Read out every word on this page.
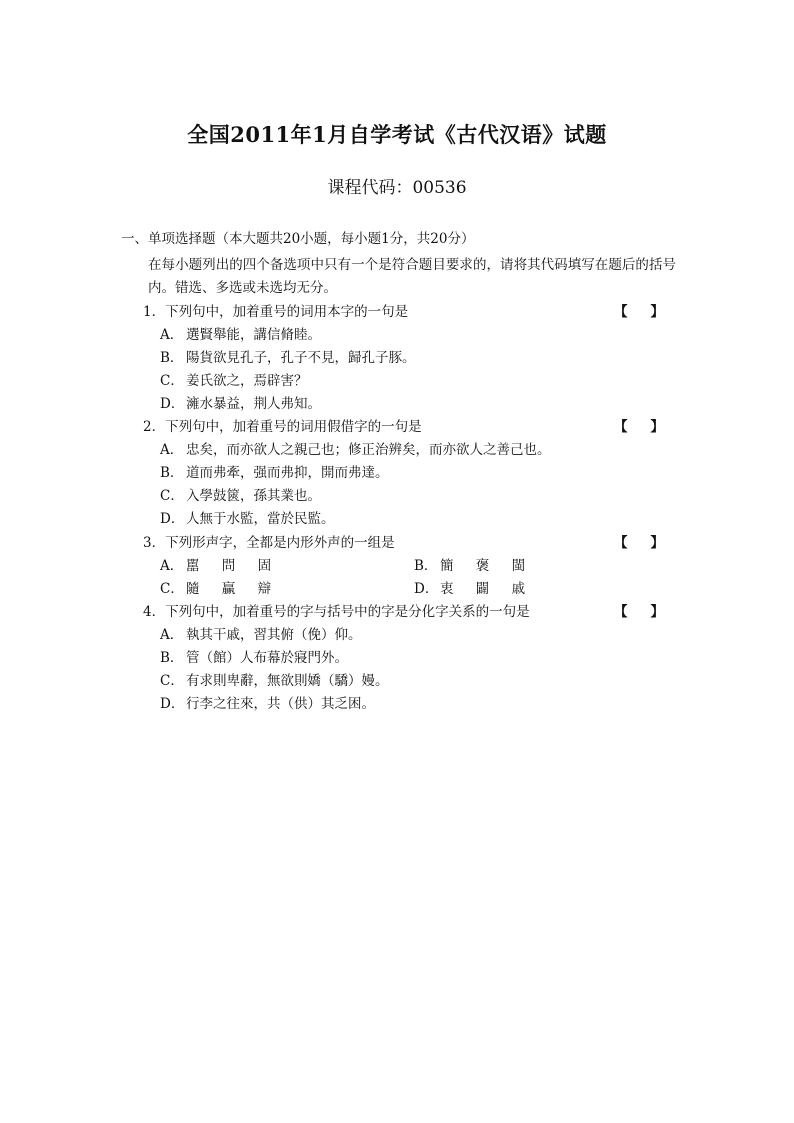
全国2011年1月自学考试《古代汉语》试题
课程代码：00536
一、单项选择题（本大题共20小题，每小题1分，共20分）
在每小题列出的四个备选项中只有一个是符合题目要求的，请将其代码填写在题后的括号内。错选、多选或未选均无分。
1．下列句中，加着重号的词用本字的一句是	【 】
A． 選賢舉能，講信脩睦。
B． 陽貨欲見孔子，孔子不見，歸孔子豚。
C． 姜氏欲之，焉辟害？
D． 澭水暴益，荆人弗知。
2．下列句中，加着重号的词用假借字的一句是	【 】
A． 忠矣，而亦欲人之親己也；修正治辨矣，而亦欲人之善己也。
B． 道而弗牽，强而弗抑，開而弗達。
C． 入學鼓篋，孫其業也。
D． 人無于水監，當於民監。
3．下列形声字，全都是内形外声的一组是	【 】
A． 嚚 問 固	B． 簡 褒 閩
C． 隨 贏 辯	D． 衷 闢 戚
4．下列句中，加着重号的字与括号中的字是分化字关系的一句是	【 】
A． 執其干戚，習其俯（俛）仰。
B． 管（館）人布幕於寢門外。
C． 有求則卑辭，無欲則嬌（驕）嫚。
D． 行李之往來，共（供）其乏困。
